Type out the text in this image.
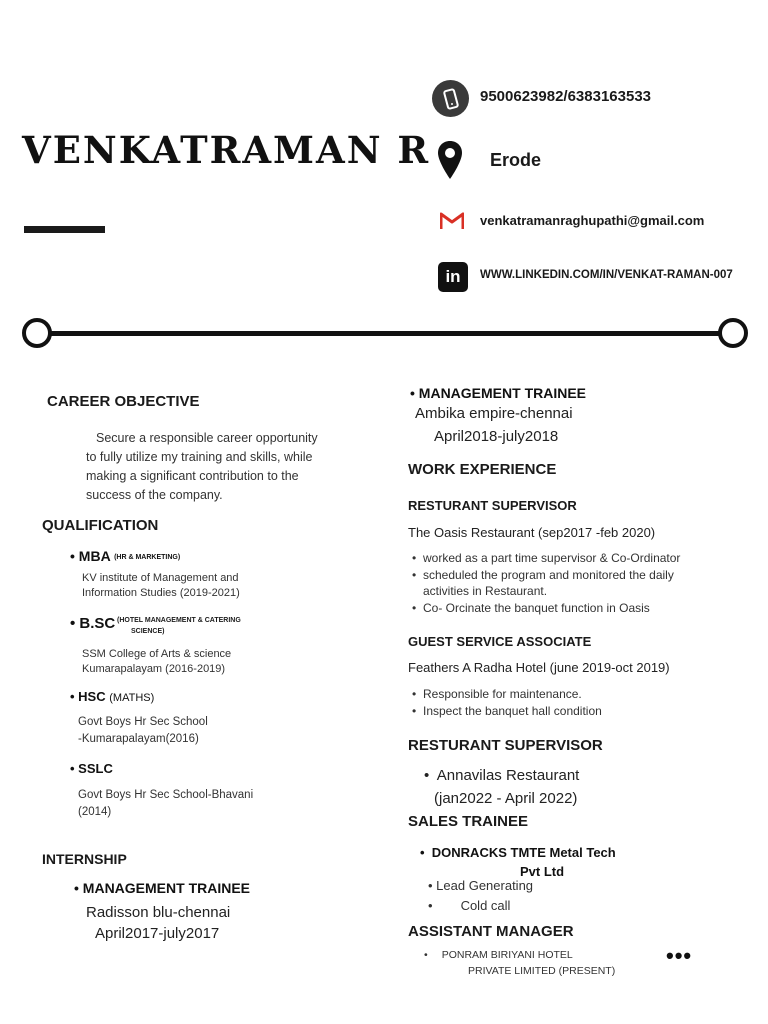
VENKATRAMAN R
9500623982/6383163533
Erode
venkatramanraghupathi@gmail.com
in WWW.LINKEDIN.COM/IN/VENKAT-RAMAN-007
CAREER OBJECTIVE
Secure a responsible career opportunity
to fully utilize my training and skills, while
making a significant contribution to the
success of the company.
QUALIFICATION
• MBA (HR & MARKETING)
KV institute of Management and
Information Studies (2019-2021)
• B.SC (HOTEL MANAGEMENT & CATERING
SCIENCE)
SSM College of Arts & science
Kumarapalayam (2016-2019)
• HSC (MATHS)
Govt Boys Hr Sec School
-Kumarapalayam(2016)
• SSLC
Govt Boys Hr Sec School-Bhavani
(2014)
INTERNSHIP
• MANAGEMENT TRAINEE
Radisson blu-chennai
April2017-july2017
• MANAGEMENT TRAINEE
Ambika empire-chennai
April2018-july2018
WORK EXPERIENCE
RESTURANT SUPERVISOR
The Oasis Restaurant (sep2017 -feb 2020)
• worked as a part time supervisor & Co-Ordinator
• scheduled the program and monitored the daily activities in Restaurant.
• Co- Orcinate the banquet function in Oasis
GUEST SERVICE ASSOCIATE
Feathers A Radha Hotel (june 2019-oct 2019)
• Responsible for maintenance.
• Inspect the banquet hall condition
RESTURANT SUPERVISOR
•  Annavilas Restaurant
(jan2022 - April 2022)
SALES TRAINEE
•  DONRACKS TMTE Metal Tech
Pvt Ltd
• Lead Generating
• Cold call
ASSISTANT MANAGER
• PONRAM BIRIYANI HOTEL
PRIVATE LIMITED (PRESENT)
•••
